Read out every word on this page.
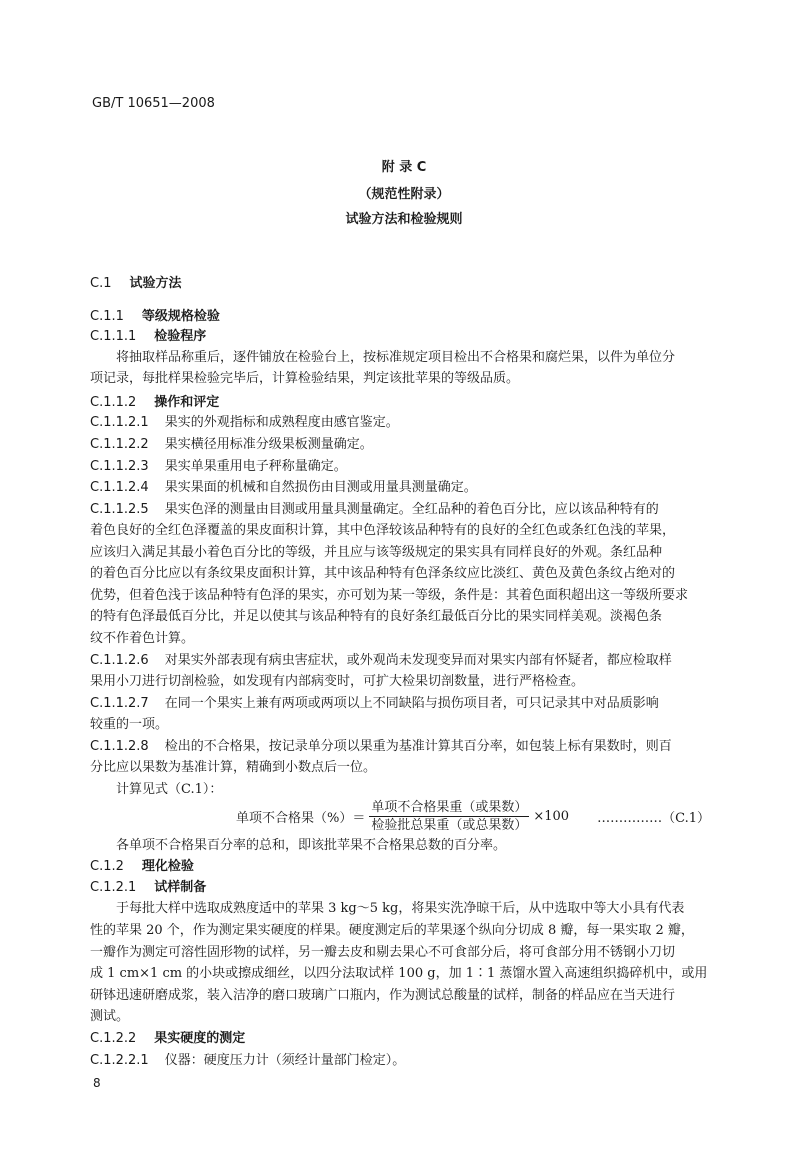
GB/T 10651—2008
附 录 C
（规范性附录）
试验方法和检验规则
C.1 试验方法
C.1.1 等级规格检验
C.1.1.1 检验程序
将抽取样品称重后，逐件铺放在检验台上，按标准规定项目检出不合格果和腐烂果，以件为单位分
项记录，每批样果检验完毕后，计算检验结果，判定该批苹果的等级品质。
C.1.1.2 操作和评定
C.1.1.2.1 果实的外观指标和成熟程度由感官鉴定。
C.1.1.2.2 果实横径用标准分级果板测量确定。
C.1.1.2.3 果实单果重用电子秤称量确定。
C.1.1.2.4 果实果面的机械和自然损伤由目测或用量具测量确定。
C.1.1.2.5 果实色泽的测量由目测或用量具测量确定。全红品种的着色百分比，应以该品种特有的
着色良好的全红色泽覆盖的果皮面积计算，其中色泽较该品种特有的良好的全红色或条红色浅的苹果，
应该归入满足其最小着色百分比的等级，并且应与该等级规定的果实具有同样良好的外观。条红品种
的着色百分比应以有条纹果皮面积计算，其中该品种特有色泽条纹应比淡红、黄色及黄色条纹占绝对的
优势，但着色浅于该品种特有色泽的果实，亦可划为某一等级，条件是：其着色面积超出这一等级所要求
的特有色泽最低百分比，并足以使其与该品种特有的良好条红最低百分比的果实同样美观。淡褐色条
纹不作着色计算。
C.1.1.2.6 对果实外部表现有病虫害症状，或外观尚未发现变异而对果实内部有怀疑者，都应检取样
果用小刀进行切剖检验，如发现有内部病变时，可扩大检果切剖数量，进行严格检查。
C.1.1.2.7 在同一个果实上兼有两项或两项以上不同缺陷与损伤项目者，可只记录其中对品质影响
较重的一项。
C.1.1.2.8 检出的不合格果，按记录单分项以果重为基准计算其百分率，如包装上标有果数时，则百
分比应以果数为基准计算，精确到小数点后一位。
计算见式（C.1）：
单项不合格果（%）＝ $\frac{\text{单项不合格果重（或果数）}}{\text{检验批总果重（或总果数）}} \times 100$ ……………（C.1）
各单项不合格果百分率的总和，即该批苹果不合格果总数的百分率。
C.1.2 理化检验
C.1.2.1 试样制备
于每批大样中选取成熟度适中的苹果 3 kg～5 kg，将果实洗净晾干后，从中选取中等大小具有代表
性的苹果 20 个，作为测定果实硬度的样果。硬度测定后的苹果逐个纵向分切成 8 瓣，每一果实取 2 瓣，
一瓣作为测定可溶性固形物的试样，另一瓣去皮和剔去果心不可食部分后，将可食部分用不锈钢小刀切
成 1 cm×1 cm 的小块或擦成细丝，以四分法取试样 100 g，加 1∶1 蒸馏水置入高速组织捣碎机中，或用
研钵迅速研磨成浆，装入洁净的磨口玻璃广口瓶内，作为测试总酸量的试样，制备的样品应在当天进行
测试。
C.1.2.2 果实硬度的测定
C.1.2.2.1 仪器：硬度压力计（须经计量部门检定）。
8
